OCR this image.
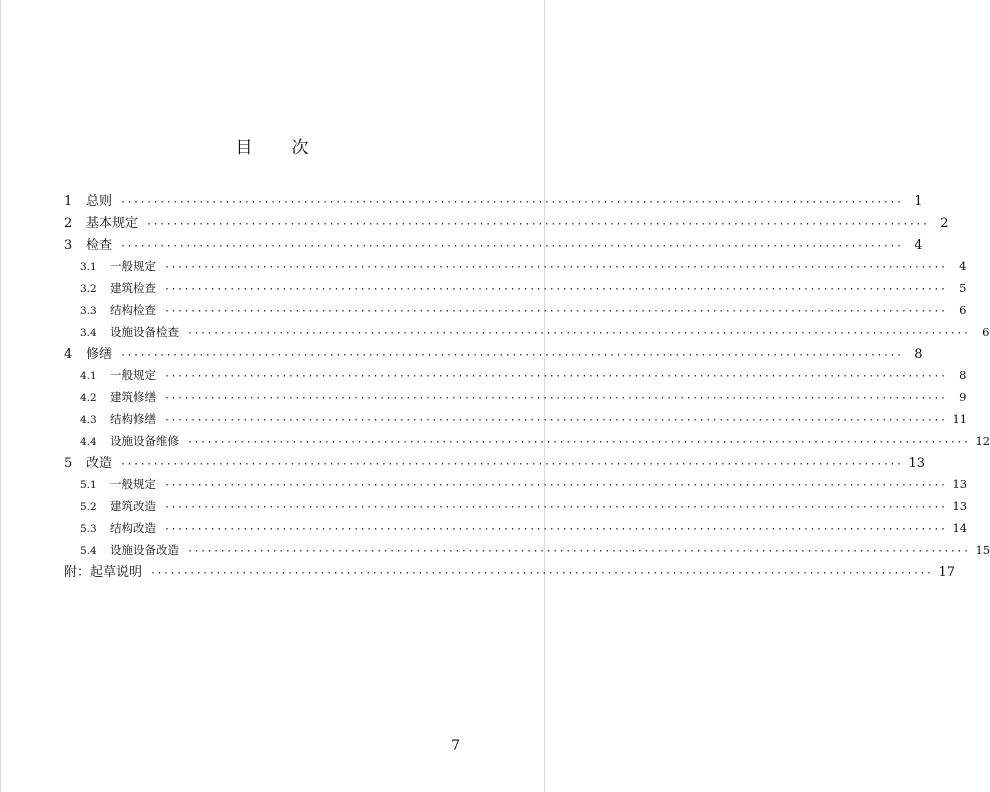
目 次
1	总则 ························································································································ 1
2	基本规定 ························································································································ 2
3	检查 ························································································································ 4
3.1	一般规定 ························································································································	4
3.2	建筑检查 ························································································································	5
3.3	结构检查 ························································································································	6
3.4	设施设备检查 ························································································································	6
4	修缮 ························································································································ 8
4.1	一般规定 ························································································································	8
4.2	建筑修缮 ························································································································	9
4.3	结构修缮 ························································································································ 11
4.4	设施设备维修 ························································································································ 12
5	改造 ························································································································ 13
5.1	一般规定 ························································································································ 13
5.2	建筑改造 ························································································································ 13
5.3	结构改造 ························································································································ 14
5.4	设施设备改造 ························································································································ 15
附：起草说明 ························································································································ 17
7
